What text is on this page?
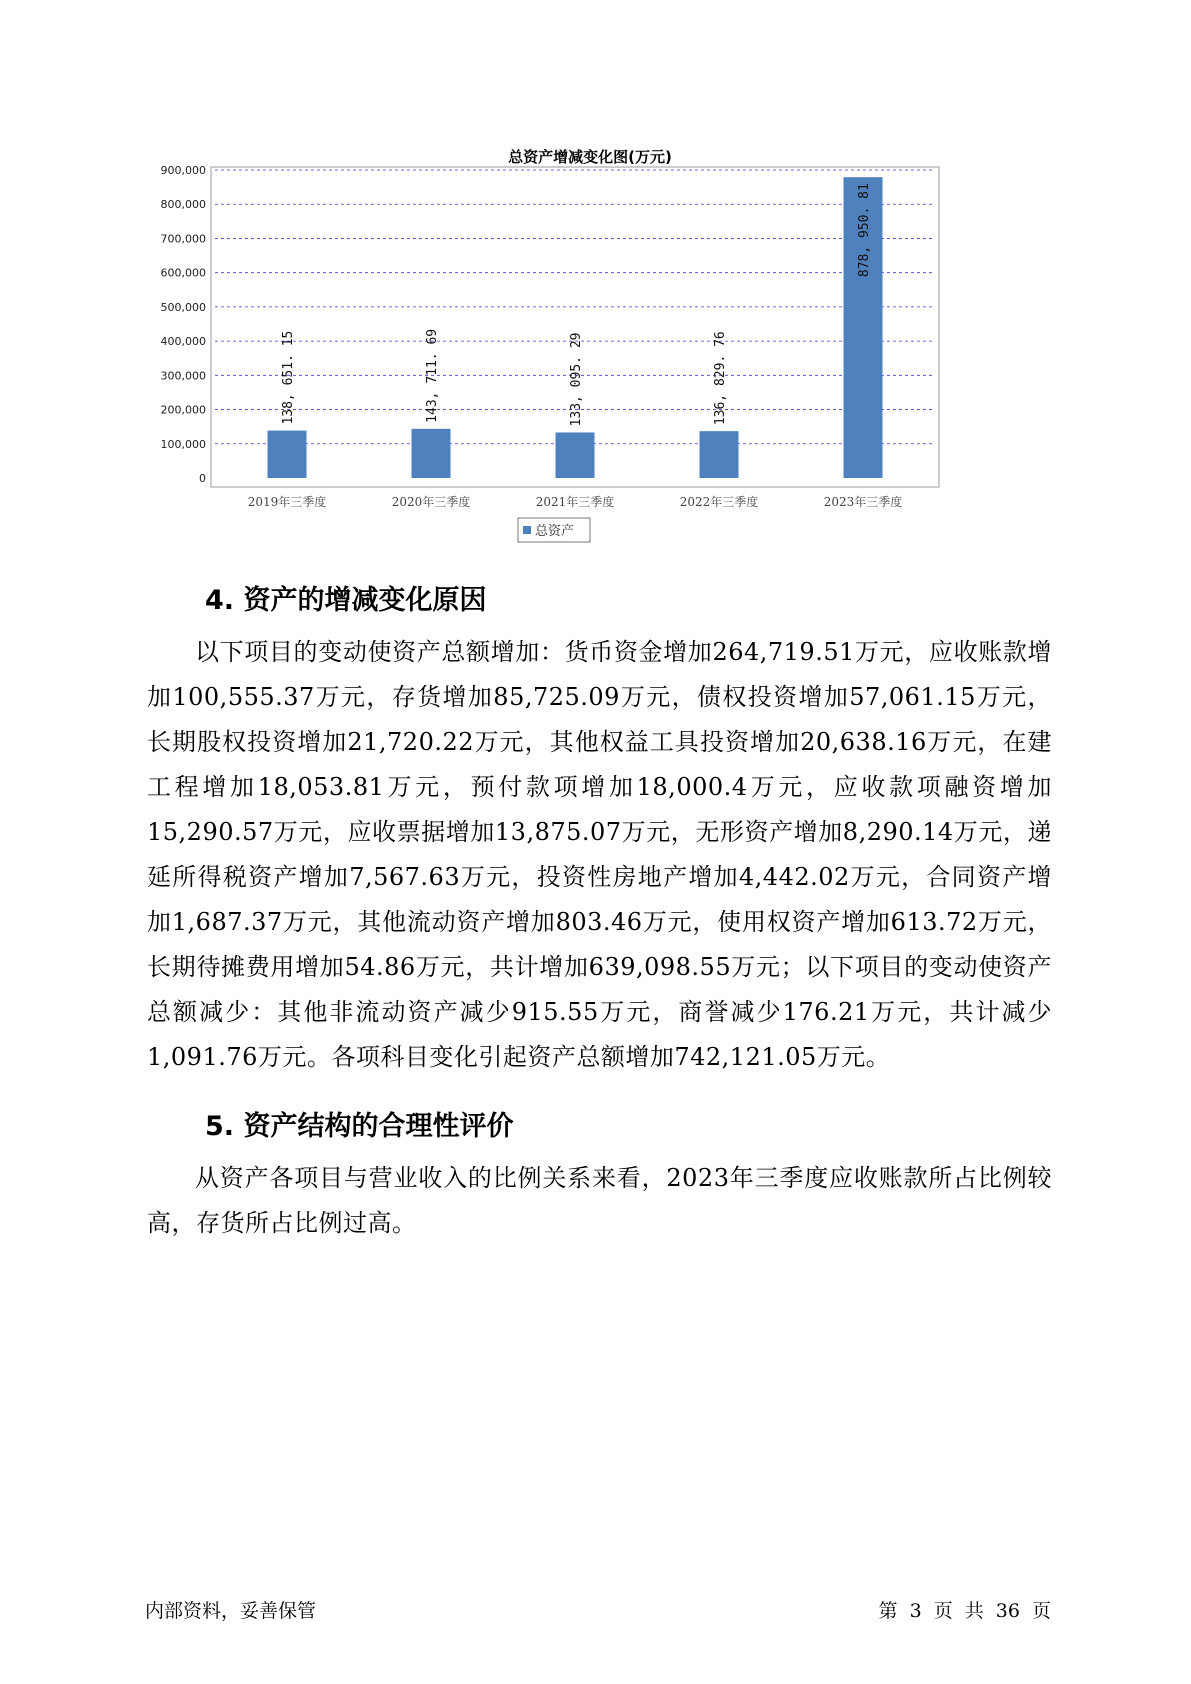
总资产增减变化图(万元)
0
100,000
200,000
300,000
400,000
500,000
600,000
700,000
800,000
900,000
138, 651. 15
2019年三季度
143, 711. 69
2020年三季度
133, 095. 29
2021年三季度
136, 829. 76
2022年三季度
878, 950. 81
2023年三季度
总资产
4. 资产的增减变化原因

以下项目的变动使资产总额增加：货币资金增加264,719.51万元，应收账款增加100,555.37万元，存货增加85,725.09万元，债权投资增加57,061.15万元，长期股权投资增加21,720.22万元，其他权益工具投资增加20,638.16万元，在建工程增加18,053.81万元，预付款项增加18,000.4万元，应收款项融资增加15,290.57万元，应收票据增加13,875.07万元，无形资产增加8,290.14万元，递延所得税资产增加7,567.63万元，投资性房地产增加4,442.02万元，合同资产增加1,687.37万元，其他流动资产增加803.46万元，使用权资产增加613.72万元，长期待摊费用增加54.86万元，共计增加639,098.55万元；以下项目的变动使资产总额减少：其他非流动资产减少915.55万元，商誉减少176.21万元，共计减少1,091.76万元。各项科目变化引起资产总额增加742,121.05万元。

5. 资产结构的合理性评价

从资产各项目与营业收入的比例关系来看，2023年三季度应收账款所占比例较高，存货所占比例过高。

内部资料，妥善保管	第 3 页 共 36 页
